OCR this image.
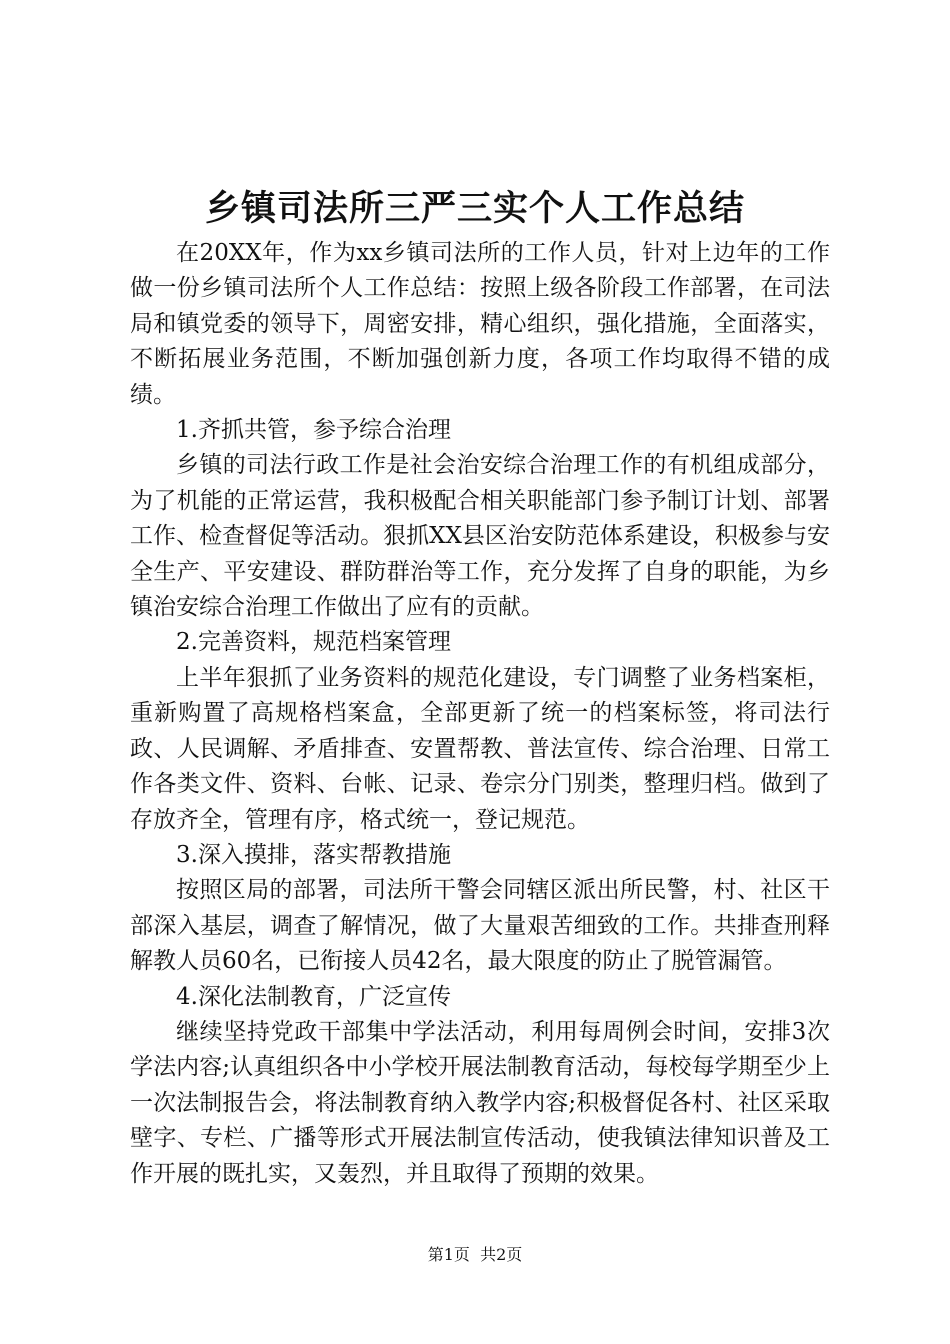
乡镇司法所三严三实个人工作总结

在20XX年，作为xx乡镇司法所的工作人员，针对上边年的工作做一份乡镇司法所个人工作总结：按照上级各阶段工作部署，在司法局和镇党委的领导下，周密安排，精心组织，强化措施，全面落实，不断拓展业务范围，不断加强创新力度，各项工作均取得不错的成绩。

1.齐抓共管，参予综合治理

乡镇的司法行政工作是社会治安综合治理工作的有机组成部分，为了机能的正常运营，我积极配合相关职能部门参予制订计划、部署工作、检查督促等活动。狠抓XX县区治安防范体系建设，积极参与安全生产、平安建设、群防群治等工作，充分发挥了自身的职能，为乡镇治安综合治理工作做出了应有的贡献。

2.完善资料，规范档案管理

上半年狠抓了业务资料的规范化建设，专门调整了业务档案柜，重新购置了高规格档案盒，全部更新了统一的档案标签，将司法行政、人民调解、矛盾排查、安置帮教、普法宣传、综合治理、日常工作各类文件、资料、台帐、记录、卷宗分门别类，整理归档。做到了存放齐全，管理有序，格式统一，登记规范。

3.深入摸排，落实帮教措施

按照区局的部署，司法所干警会同辖区派出所民警，村、社区干部深入基层，调查了解情况，做了大量艰苦细致的工作。共排查刑释解教人员60名，已衔接人员42名，最大限度的防止了脱管漏管。

4.深化法制教育，广泛宣传

继续坚持党政干部集中学法活动，利用每周例会时间，安排3次学法内容;认真组织各中小学校开展法制教育活动，每校每学期至少上一次法制报告会，将法制教育纳入教学内容;积极督促各村、社区采取壁字、专栏、广播等形式开展法制宣传活动，使我镇法律知识普及工作开展的既扎实，又轰烈，并且取得了预期的效果。

第1页 共2页
